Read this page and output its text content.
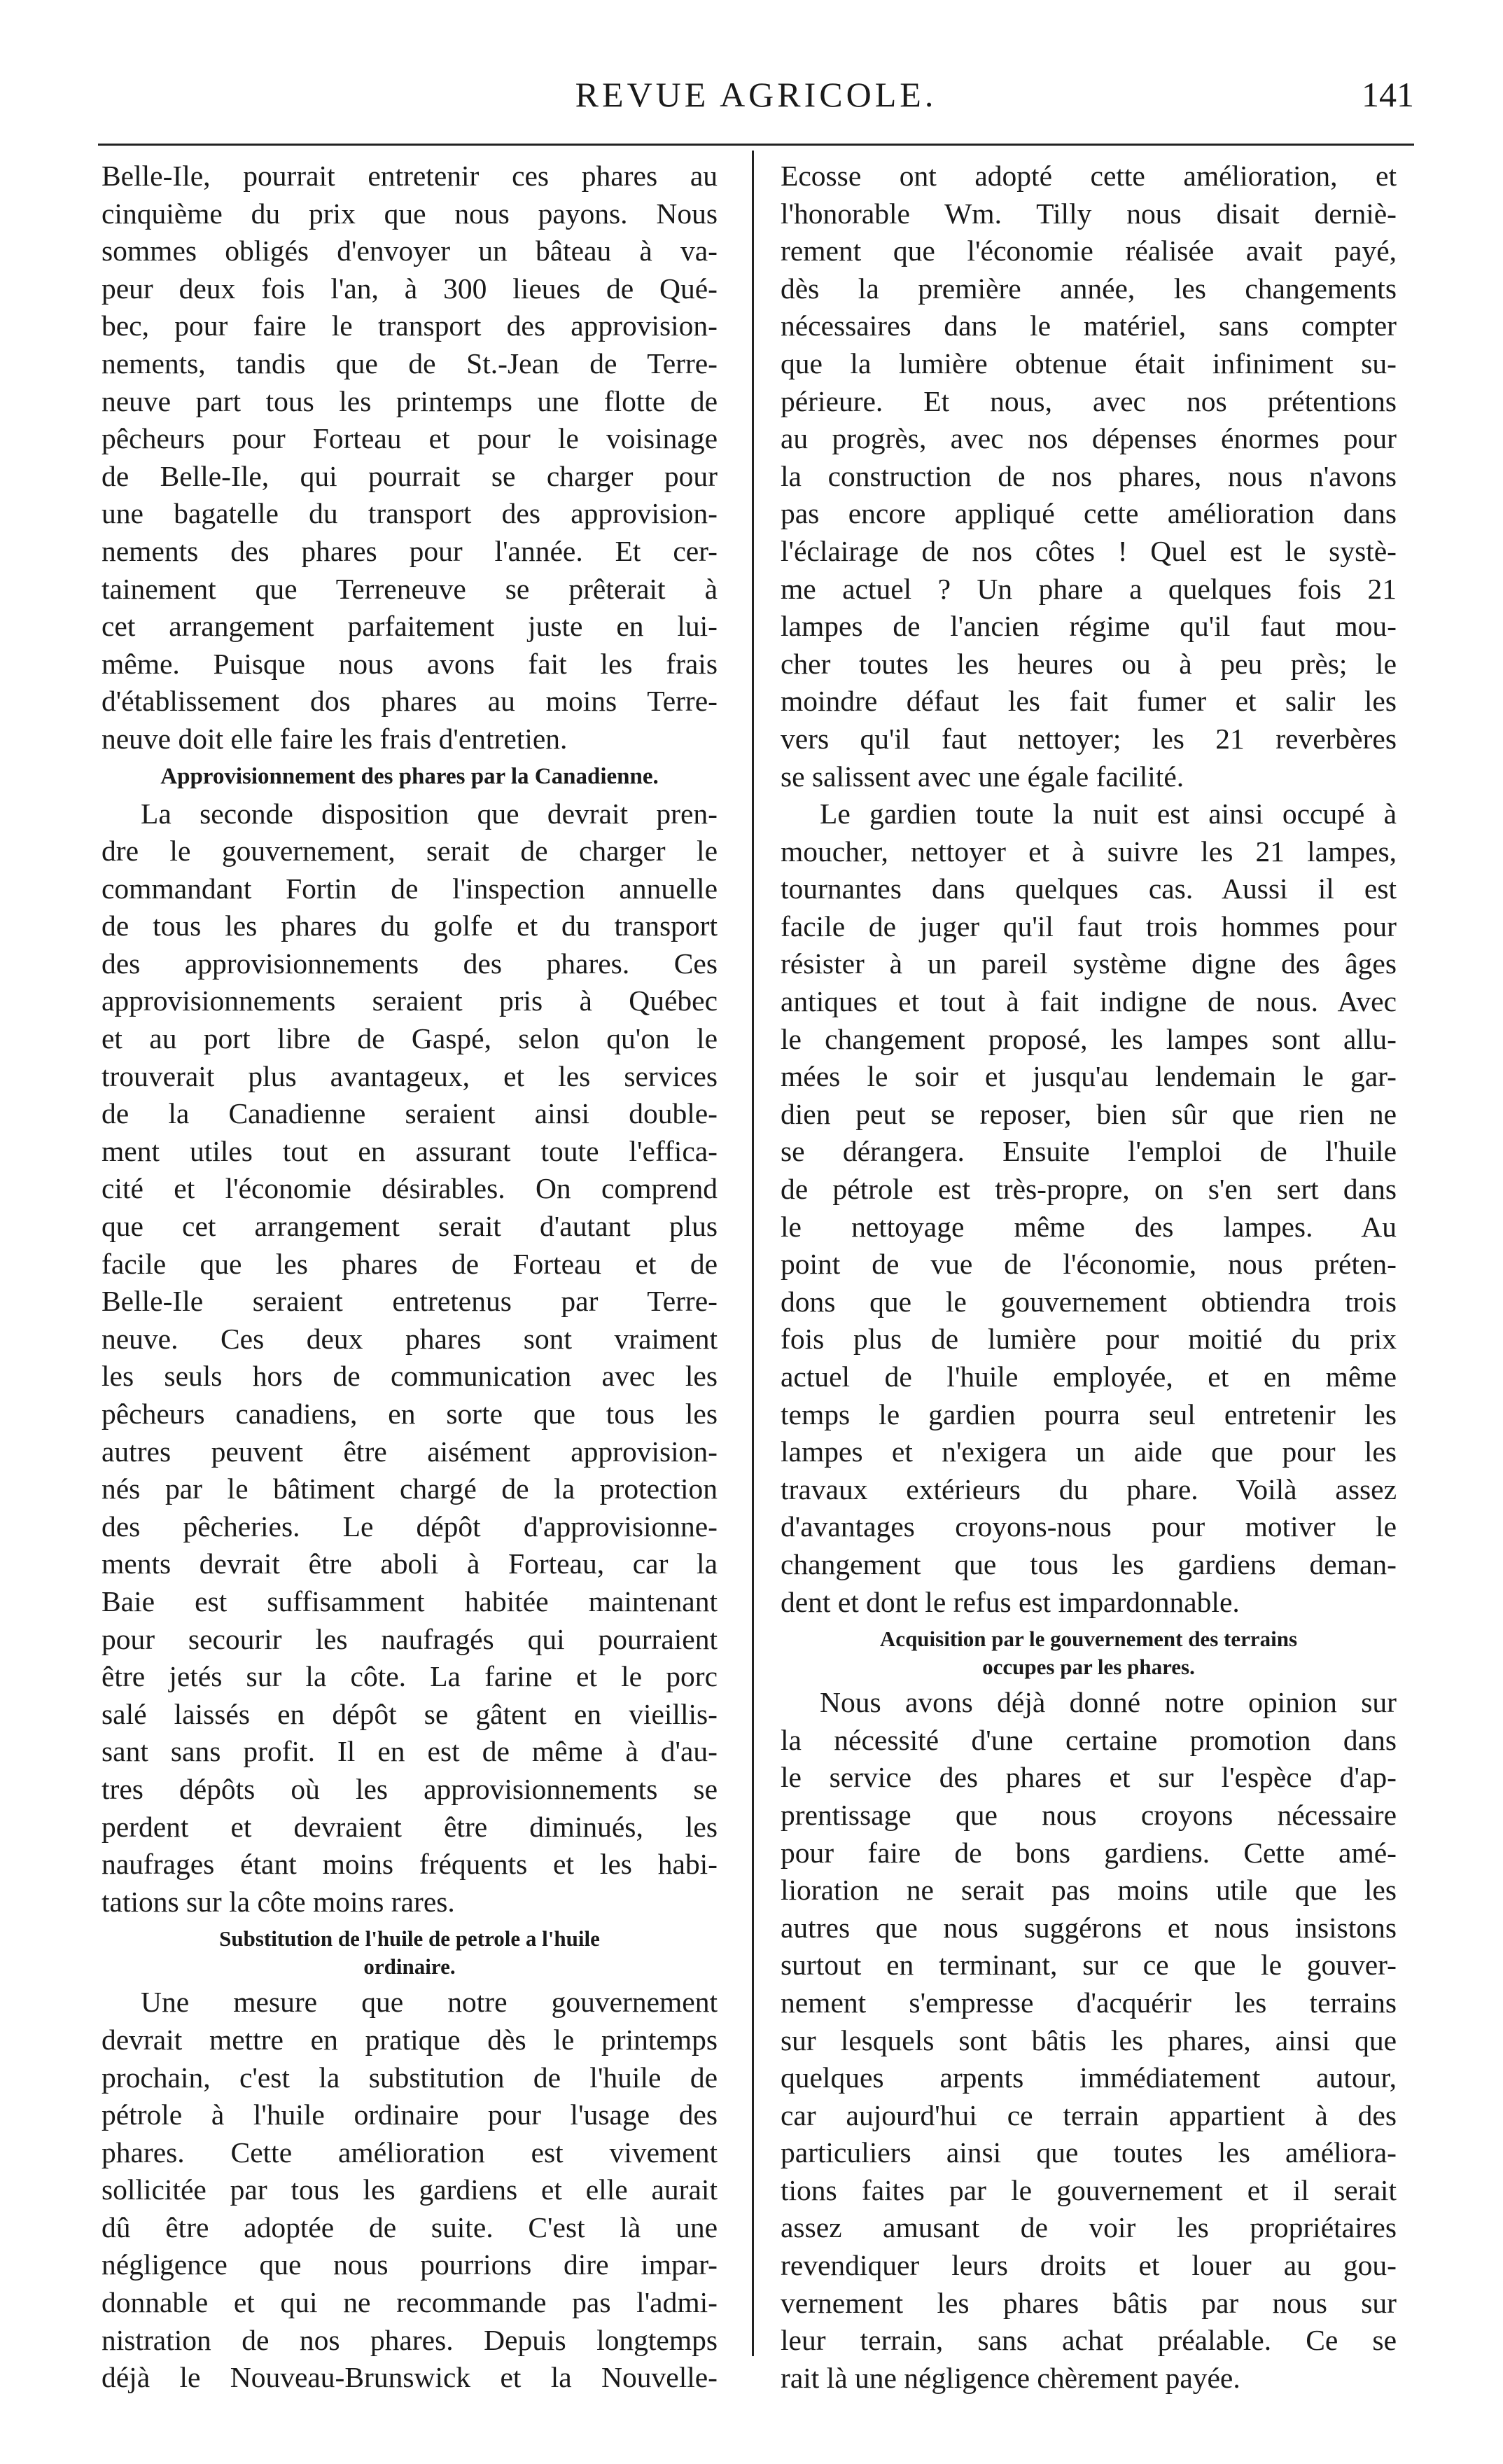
REVUE AGRICOLE.	141
Belle-Ile, pourrait entretenir ces phares au
cinquième du prix que nous payons. Nous
sommes obligés d'envoyer un bâteau à va-
peur deux fois l'an, à 300 lieues de Qué-
bec, pour faire le transport des approvision-
nements, tandis que de St.-Jean de Terre-
neuve part tous les printemps une flotte de
pêcheurs pour Forteau et pour le voisinage
de Belle-Ile, qui pourrait se charger pour
une bagatelle du transport des approvision-
nements des phares pour l'année. Et cer-
tainement que Terreneuve se prêterait à
cet arrangement parfaitement juste en lui-
même. Puisque nous avons fait les frais
d'établissement dos phares au moins Terre-
neuve doit elle faire les frais d'entretien.
Approvisionnement des phares par la Canadienne.
La seconde disposition que devrait pren-
dre le gouvernement, serait de charger le
commandant Fortin de l'inspection annuelle
de tous les phares du golfe et du transport
des approvisionnements des phares. Ces
approvisionnements seraient pris à Québec
et au port libre de Gaspé, selon qu'on le
trouverait plus avantageux, et les services
de la Canadienne seraient ainsi double-
ment utiles tout en assurant toute l'effica-
cité et l'économie désirables. On comprend
que cet arrangement serait d'autant plus
facile que les phares de Forteau et de
Belle-Ile seraient entretenus par Terre-
neuve. Ces deux phares sont vraiment
les seuls hors de communication avec les
pêcheurs canadiens, en sorte que tous les
autres peuvent être aisément approvision-
nés par le bâtiment chargé de la protection
des pêcheries. Le dépôt d'approvisionne-
ments devrait être aboli à Forteau, car la
Baie est suffisamment habitée maintenant
pour secourir les naufragés qui pourraient
être jetés sur la côte. La farine et le porc
salé laissés en dépôt se gâtent en vieillis-
sant sans profit. Il en est de même à d'au-
tres dépôts où les approvisionnements se
perdent et devraient être diminués, les
naufrages étant moins fréquents et les habi-
tations sur la côte moins rares.
Substitution de l'huile de petrole a l'huile
ordinaire.
Une mesure que notre gouvernement
devrait mettre en pratique dès le printemps
prochain, c'est la substitution de l'huile de
pétrole à l'huile ordinaire pour l'usage des
phares. Cette amélioration est vivement
sollicitée par tous les gardiens et elle aurait
dû être adoptée de suite. C'est là une
négligence que nous pourrions dire impar-
donnable et qui ne recommande pas l'admi-
nistration de nos phares. Depuis longtemps
déjà le Nouveau-Brunswick et la Nouvelle-
Ecosse ont adopté cette amélioration, et
l'honorable Wm. Tilly nous disait derniè-
rement que l'économie réalisée avait payé,
dès la première année, les changements
nécessaires dans le matériel, sans compter
que la lumière obtenue était infiniment su-
périeure. Et nous, avec nos prétentions
au progrès, avec nos dépenses énormes pour
la construction de nos phares, nous n'avons
pas encore appliqué cette amélioration dans
l'éclairage de nos côtes ! Quel est le systè-
me actuel ? Un phare a quelques fois 21
lampes de l'ancien régime qu'il faut mou-
cher toutes les heures ou à peu près; le
moindre défaut les fait fumer et salir les
vers qu'il faut nettoyer; les 21 reverbères
se salissent avec une égale facilité.
Le gardien toute la nuit est ainsi occupé à
moucher, nettoyer et à suivre les 21 lampes,
tournantes dans quelques cas. Aussi il est
facile de juger qu'il faut trois hommes pour
résister à un pareil système digne des âges
antiques et tout à fait indigne de nous. Avec
le changement proposé, les lampes sont allu-
mées le soir et jusqu'au lendemain le gar-
dien peut se reposer, bien sûr que rien ne
se dérangera. Ensuite l'emploi de l'huile
de pétrole est très-propre, on s'en sert dans
le nettoyage même des lampes. Au
point de vue de l'économie, nous préten-
dons que le gouvernement obtiendra trois
fois plus de lumière pour moitié du prix
actuel de l'huile employée, et en même
temps le gardien pourra seul entretenir les
lampes et n'exigera un aide que pour les
travaux extérieurs du phare. Voilà assez
d'avantages croyons-nous pour motiver le
changement que tous les gardiens deman-
dent et dont le refus est impardonnable.
Acquisition par le gouvernement des terrains
occupes par les phares.
Nous avons déjà donné notre opinion sur
la nécessité d'une certaine promotion dans
le service des phares et sur l'espèce d'ap-
prentissage que nous croyons nécessaire
pour faire de bons gardiens. Cette amé-
lioration ne serait pas moins utile que les
autres que nous suggérons et nous insistons
surtout en terminant, sur ce que le gouver-
nement s'empresse d'acquérir les terrains
sur lesquels sont bâtis les phares, ainsi que
quelques arpents immédiatement autour,
car aujourd'hui ce terrain appartient à des
particuliers ainsi que toutes les améliora-
tions faites par le gouvernement et il serait
assez amusant de voir les propriétaires
revendiquer leurs droits et louer au gou-
vernement les phares bâtis par nous sur
leur terrain, sans achat préalable. Ce se
rait là une négligence chèrement payée.
